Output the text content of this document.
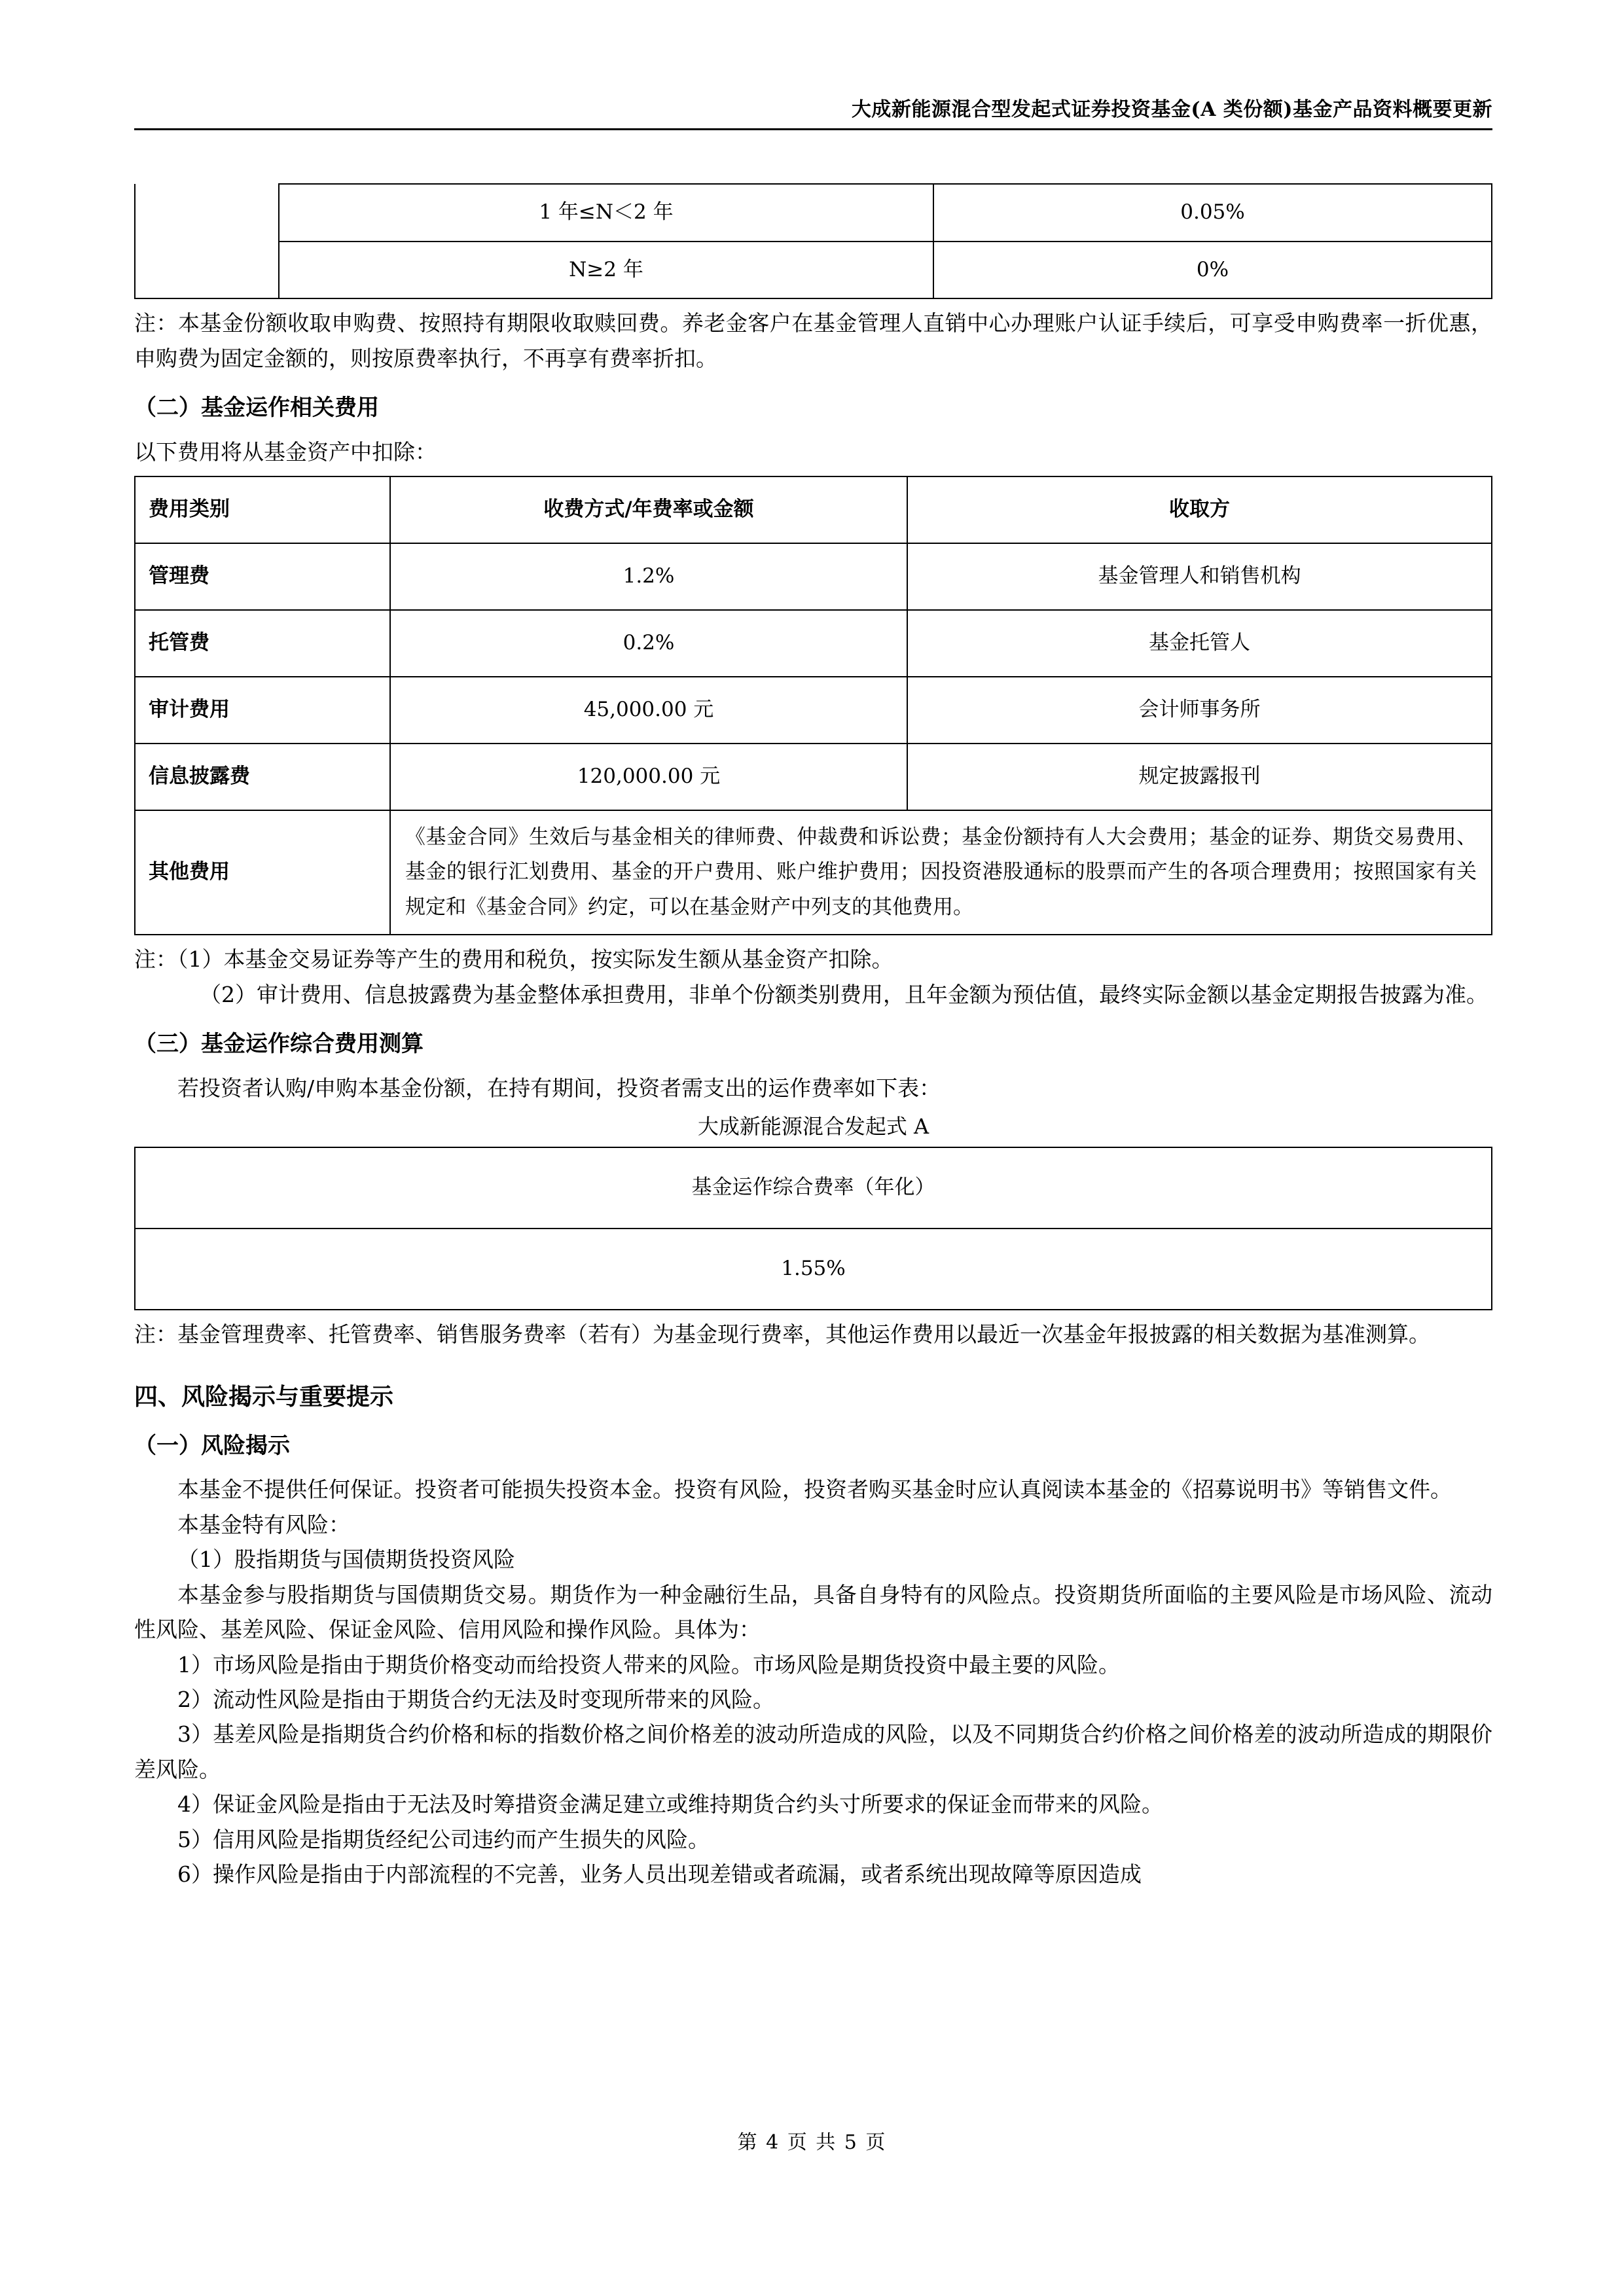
大成新能源混合型发起式证券投资基金(A 类份额)基金产品资料概要更新
	1 年≤N＜2 年	0.05%
	N≥2 年	0%

注：本基金份额收取申购费、按照持有期限收取赎回费。养老金客户在基金管理人直销中心办理账户认证手续后，可享受申购费率一折优惠，申购费为固定金额的，则按原费率执行，不再享有费率折扣。

（二）基金运作相关费用

以下费用将从基金资产中扣除：

费用类别	收费方式/年费率或金额	收取方
管理费	1.2%	基金管理人和销售机构
托管费	0.2%	基金托管人
审计费用	45,000.00 元	会计师事务所
信息披露费	120,000.00 元	规定披露报刊
其他费用	《基金合同》生效后与基金相关的律师费、仲裁费和诉讼费；基金份额持有人大会费用；基金的证券、期货交易费用、基金的银行汇划费用、基金的开户费用、账户维护费用；因投资港股通标的股票而产生的各项合理费用；按照国家有关规定和《基金合同》约定，可以在基金财产中列支的其他费用。	

注：（1）本基金交易证券等产生的费用和税负，按实际发生额从基金资产扣除。

（2）审计费用、信息披露费为基金整体承担费用，非单个份额类别费用，且年金额为预估值，最终实际金额以基金定期报告披露为准。

（三）基金运作综合费用测算

若投资者认购/申购本基金份额，在持有期间，投资者需支出的运作费率如下表：

大成新能源混合发起式 A

基金运作综合费率（年化）
1.55%

注：基金管理费率、托管费率、销售服务费率（若有）为基金现行费率，其他运作费用以最近一次基金年报披露的相关数据为基准测算。

四、风险揭示与重要提示

（一）风险揭示

本基金不提供任何保证。投资者可能损失投资本金。投资有风险，投资者购买基金时应认真阅读本基金的《招募说明书》等销售文件。

本基金特有风险：

（1）股指期货与国债期货投资风险

本基金参与股指期货与国债期货交易。期货作为一种金融衍生品，具备自身特有的风险点。投资期货所面临的主要风险是市场风险、流动性风险、基差风险、保证金风险、信用风险和操作风险。具体为：

1）市场风险是指由于期货价格变动而给投资人带来的风险。市场风险是期货投资中最主要的风险。

2）流动性风险是指由于期货合约无法及时变现所带来的风险。

3）基差风险是指期货合约价格和标的指数价格之间价格差的波动所造成的风险，以及不同期货合约价格之间价格差的波动所造成的期限价差风险。

4）保证金风险是指由于无法及时筹措资金满足建立或维持期货合约头寸所要求的保证金而带来的风险。

5）信用风险是指期货经纪公司违约而产生损失的风险。

6）操作风险是指由于内部流程的不完善，业务人员出现差错或者疏漏，或者系统出现故障等原因造成

第 4 页 共 5 页
